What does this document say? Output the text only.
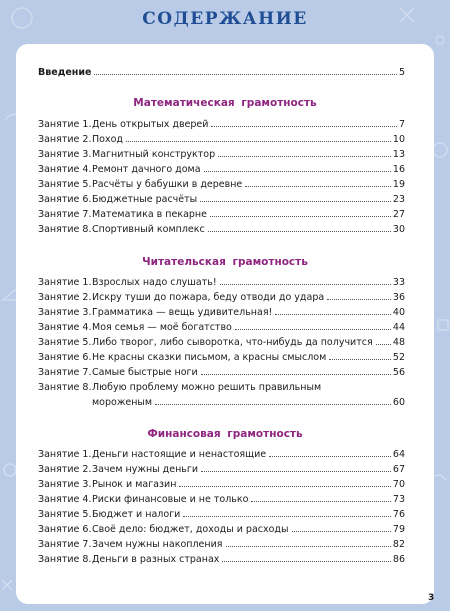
СОДЕРЖАНИЕ
Введение	5
Математическая грамотность
Занятие 1. День открытых дверей	7
Занятие 2. Поход	10
Занятие 3. Магнитный конструктор	13
Занятие 4. Ремонт дачного дома	16
Занятие 5. Расчёты у бабушки в деревне	19
Занятие 6. Бюджетные расчёты	23
Занятие 7. Математика в пекарне	27
Занятие 8. Спортивный комплекс	30
Читательская грамотность
Занятие 1. Взрослых надо слушать!	33
Занятие 2. Искру туши до пожара, беду отводи до удара	36
Занятие 3. Грамматика — вещь удивительная!	40
Занятие 4. Моя семья — моё богатство	44
Занятие 5. Либо творог, либо сыворотка, что-нибудь да получится 48
Занятие 6. Не красны сказки письмом, а красны смыслом	52
Занятие 7. Самые быстрые ноги	56
Занятие 8. Любую проблему можно решить правильным
мороженым	60
Финансовая грамотность
Занятие 1. Деньги настоящие и ненастоящие	64
Занятие 2. Зачем нужны деньги	67
Занятие 3. Рынок и магазин	70
Занятие 4. Риски финансовые и не только	73
Занятие 5. Бюджет и налоги	76
Занятие 6. Своё дело: бюджет, доходы и расходы	79
Занятие 7. Зачем нужны накопления	82
Занятие 8. Деньги в разных странах	86
3
